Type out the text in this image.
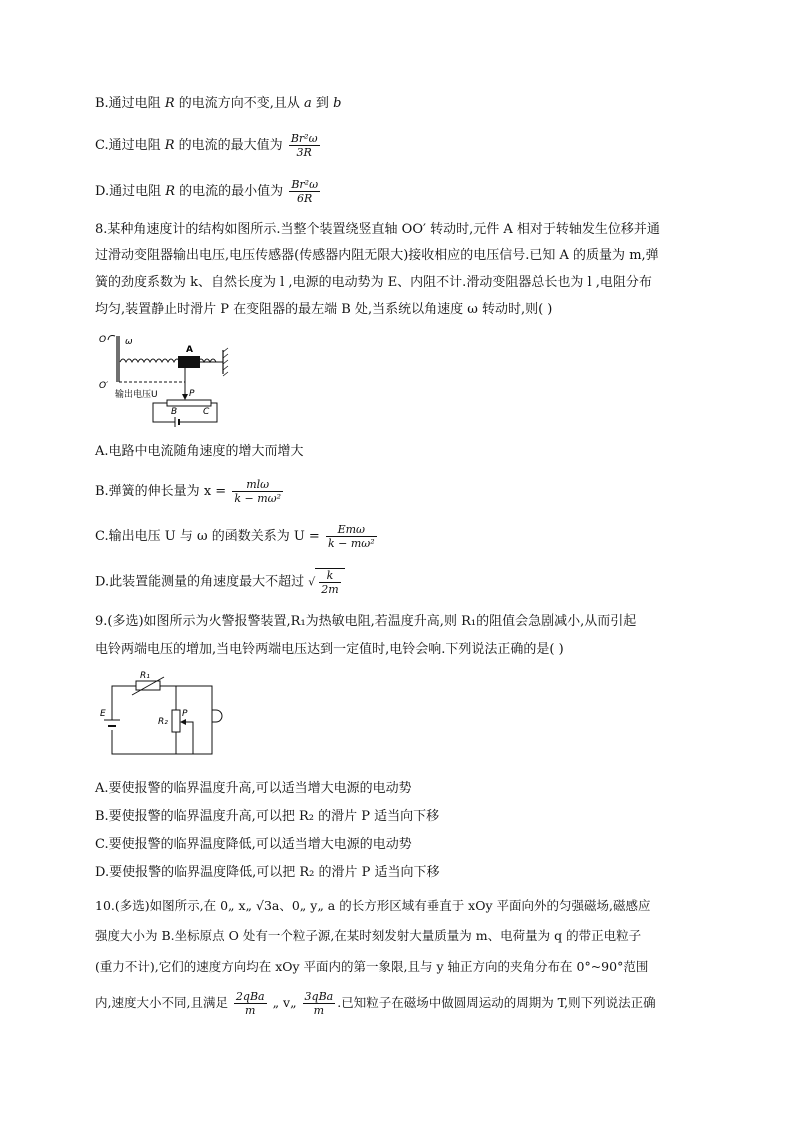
B.通过电阻 R 的电流方向不变,且从 a 到 b
C.通过电阻 R 的电流的最大值为 $\frac{\text{Br²ω}}{3R}$
D.通过电阻 R 的电流的最小值为 $\frac{\text{Br²ω}}{6R}$
8.某种角速度计的结构如图所示.当整个装置绕竖直轴 OO′ 转动时,元件 A 相对于转轴发生位移并通
过滑动变阻器输出电压,电压传感器(传感器内阻无限大)接收相应的电压信号.已知 A 的质量为 m,弹
簧的劲度系数为 k、自然长度为 l ,电源的电动势为 E、内阻不计.滑动变阻器总长也为 l ,电阻分布
均匀,装置静止时滑片 P 在变阻器的最左端 B 处,当系统以角速度 ω 转动时,则( )
O ω
O′
A
P
输出电压U
B	C
A.电路中电流随角速度的增大而增大
B.弹簧的伸长量为 $x = \frac{\text{mlω}}{\text{k − mω²}}$
C.输出电压 U 与 ω 的函数关系为 $U = \frac{\text{Emω}}{\text{k − mω²}}$
D.此装置能测量的角速度最大不超过 √ $\frac{k}{2m}$
9.(多选)如图所示为火警报警装置,R₁为热敏电阻,若温度升高,则 R₁的阻值会急剧减小,从而引起
电铃两端电压的增加,当电铃两端电压达到一定值时,电铃会响.下列说法正确的是( )
R₁
E
R₂
P
A.要使报警的临界温度升高,可以适当增大电源的电动势
B.要使报警的临界温度升高,可以把 R₂ 的滑片 P 适当向下移
C.要使报警的临界温度降低,可以适当增大电源的电动势
D.要使报警的临界温度降低,可以把 R₂ 的滑片 P 适当向下移
10.(多选)如图所示,在 0„ x„ √3a、0„ y„ a 的长方形区域有垂直于 xOy 平面向外的匀强磁场,磁感应
强度大小为 B.坐标原点 O 处有一个粒子源,在某时刻发射大量质量为 m、电荷量为 q 的带正电粒子
(重力不计),它们的速度方向均在 xOy 平面内的第一象限,且与 y 轴正方向的夹角分布在 0°~90°范围
内,速度大小不同,且满足 $\frac{\text{2qBa}}{m}$ „ v„ $\frac{\text{3qBa}}{m}$ .已知粒子在磁场中做圆周运动的周期为 T,则下列说法正确
